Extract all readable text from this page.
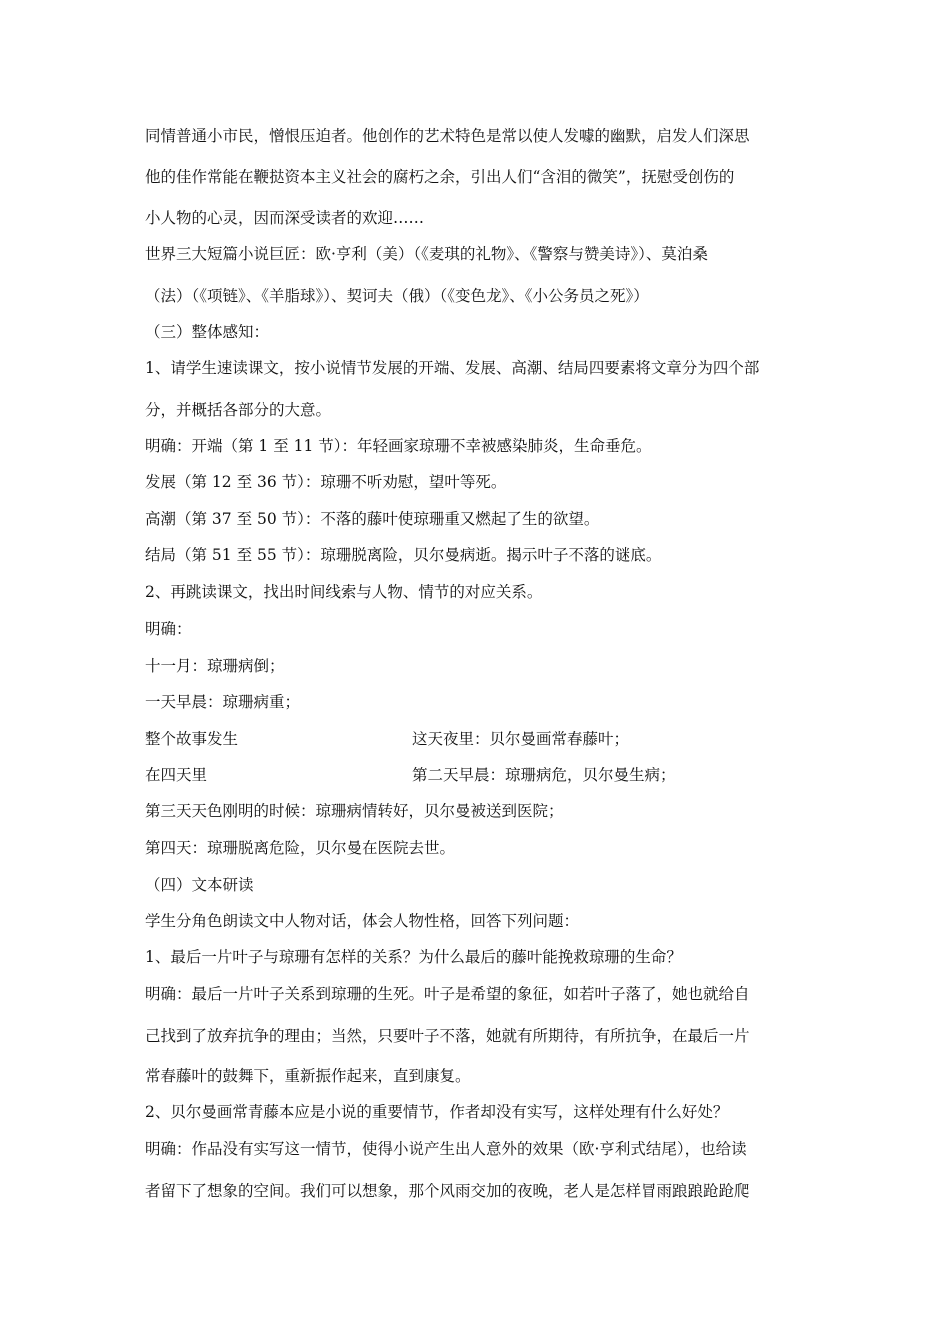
同情普通小市民，憎恨压迫者。他创作的艺术特色是常以使人发噱的幽默，启发人们深思
他的佳作常能在鞭挞资本主义社会的腐朽之余，引出人们“含泪的微笑”，抚慰受创伤的
小人物的心灵，因而深受读者的欢迎……
世界三大短篇小说巨匠：欧·亨利（美）（《麦琪的礼物》、《警察与赞美诗》）、莫泊桑
（法）（《项链》、《羊脂球》）、契诃夫（俄）（《变色龙》、《小公务员之死》）
（三）整体感知：
1、请学生速读课文，按小说情节发展的开端、发展、高潮、结局四要素将文章分为四个部
分，并概括各部分的大意。
明确：开端（第 1 至 11 节）：年轻画家琼珊不幸被感染肺炎，生命垂危。
发展（第 12 至 36 节）：琼珊不听劝慰，望叶等死。
高潮（第 37 至 50 节）：不落的藤叶使琼珊重又燃起了生的欲望。
结局（第 51 至 55 节）：琼珊脱离险，贝尔曼病逝。揭示叶子不落的谜底。
2、再跳读课文，找出时间线索与人物、情节的对应关系。
明确：
十一月：琼珊病倒；
一天早晨：琼珊病重；
整个故事发生	这天夜里：贝尔曼画常春藤叶；
在四天里	第二天早晨：琼珊病危，贝尔曼生病；
第三天天色刚明的时候：琼珊病情转好，贝尔曼被送到医院；
第四天：琼珊脱离危险，贝尔曼在医院去世。
（四）文本研读
学生分角色朗读文中人物对话，体会人物性格，回答下列问题：
1、最后一片叶子与琼珊有怎样的关系？为什么最后的藤叶能挽救琼珊的生命？
明确：最后一片叶子关系到琼珊的生死。叶子是希望的象征，如若叶子落了，她也就给自
己找到了放弃抗争的理由；当然，只要叶子不落，她就有所期待，有所抗争，在最后一片
常春藤叶的鼓舞下，重新振作起来，直到康复。
2、贝尔曼画常青藤本应是小说的重要情节，作者却没有实写，这样处理有什么好处？
明确：作品没有实写这一情节，使得小说产生出人意外的效果（欧·亨利式结尾），也给读
者留下了想象的空间。我们可以想象，那个风雨交加的夜晚，老人是怎样冒雨踉踉跄跄爬
